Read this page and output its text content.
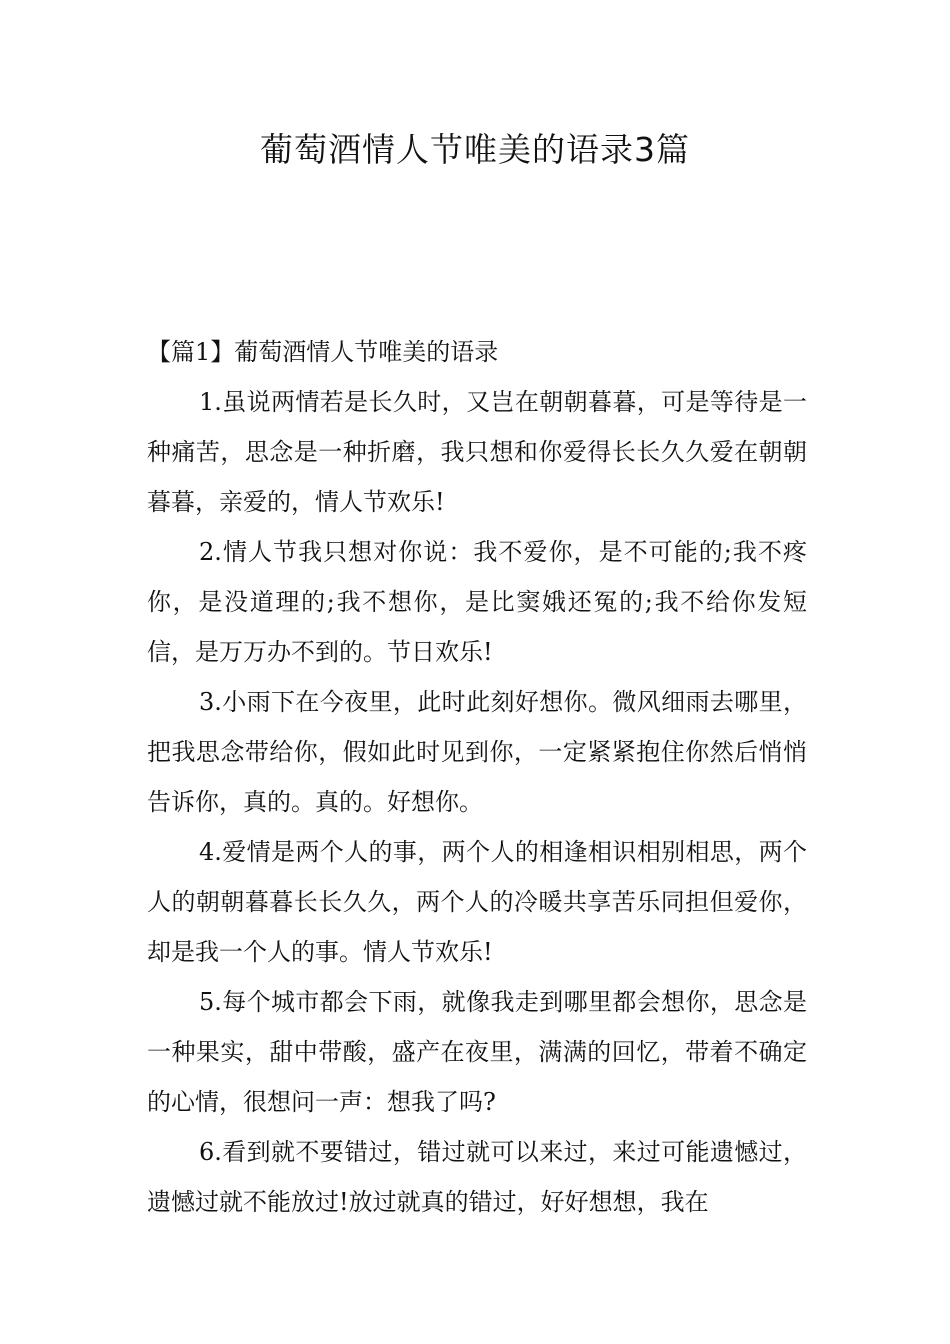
葡萄酒情人节唯美的语录3篇
【篇1】葡萄酒情人节唯美的语录

1.虽说两情若是长久时，又岂在朝朝暮暮，可是等待是一种痛苦，思念是一种折磨，我只想和你爱得长长久久爱在朝朝暮暮，亲爱的，情人节欢乐!

2.情人节我只想对你说：我不爱你，是不可能的;我不疼你，是没道理的;我不想你，是比窦娥还冤的;我不给你发短信，是万万办不到的。节日欢乐!

3.小雨下在今夜里，此时此刻好想你。微风细雨去哪里，把我思念带给你，假如此时见到你，一定紧紧抱住你然后悄悄告诉你，真的。真的。好想你。

4.爱情是两个人的事，两个人的相逢相识相别相思，两个人的朝朝暮暮长长久久，两个人的冷暖共享苦乐同担但爱你，却是我一个人的事。情人节欢乐!

5.每个城市都会下雨，就像我走到哪里都会想你，思念是一种果实，甜中带酸，盛产在夜里，满满的回忆，带着不确定的心情，很想问一声：想我了吗?

6.看到就不要错过，错过就可以来过，来过可能遗憾过，遗憾过就不能放过!放过就真的错过，好好想想，我在
